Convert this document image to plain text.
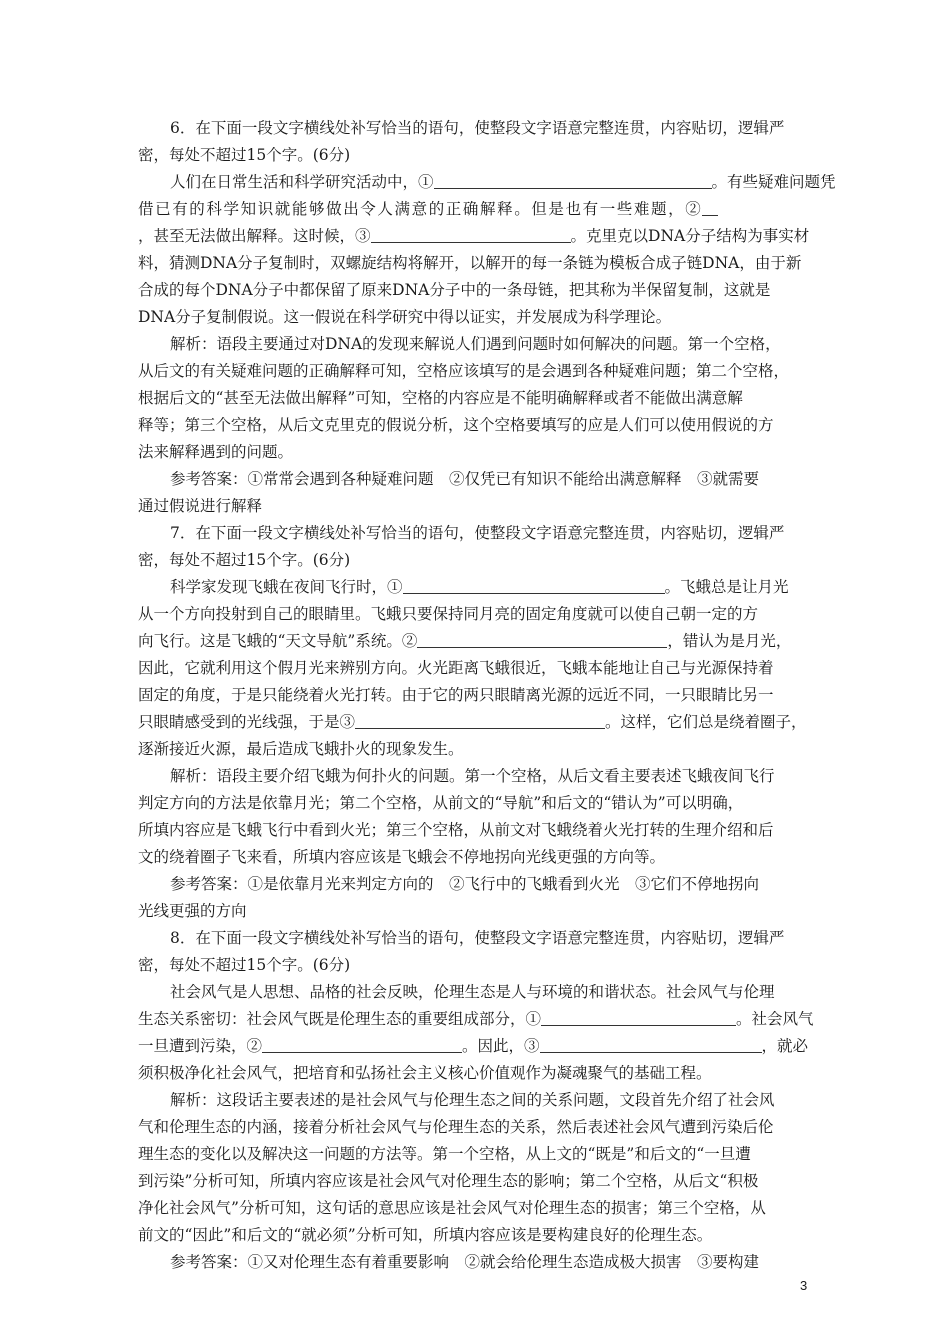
6．在下面一段文字横线处补写恰当的语句，使整段文字语意完整连贯，内容贴切，逻辑严
密，每处不超过15个字。(6分)
人们在日常生活和科学研究活动中，①	。有些疑难问题凭
借已有的科学知识就能够做出令人满意的正确解释。但是也有一些难题，②
，甚至无法做出解释。这时候，③	。克里克以DNA分子结构为事实材
料，猜测DNA分子复制时，双螺旋结构将解开，以解开的每一条链为模板合成子链DNA，由于新
合成的每个DNA分子中都保留了原来DNA分子中的一条母链，把其称为半保留复制，这就是
DNA分子复制假说。这一假说在科学研究中得以证实，并发展成为科学理论。
解析：语段主要通过对DNA的发现来解说人们遇到问题时如何解决的问题。第一个空格，
从后文的有关疑难问题的正确解释可知，空格应该填写的是会遇到各种疑难问题；第二个空格，
根据后文的“甚至无法做出解释”可知，空格的内容应是不能明确解释或者不能做出满意解
释等；第三个空格，从后文克里克的假说分析，这个空格要填写的应是人们可以使用假说的方
法来解释遇到的问题。
参考答案：①常常会遇到各种疑难问题　②仅凭已有知识不能给出满意解释　③就需要
通过假说进行解释
7．在下面一段文字横线处补写恰当的语句，使整段文字语意完整连贯，内容贴切，逻辑严
密，每处不超过15个字。(6分)
科学家发现飞蛾在夜间飞行时，①	。飞蛾总是让月光
从一个方向投射到自己的眼睛里。飞蛾只要保持同月亮的固定角度就可以使自己朝一定的方
向飞行。这是飞蛾的“天文导航”系统。②	，错认为是月光，
因此，它就利用这个假月光来辨别方向。火光距离飞蛾很近，飞蛾本能地让自己与光源保持着
固定的角度，于是只能绕着火光打转。由于它的两只眼睛离光源的远近不同，一只眼睛比另一
只眼睛感受到的光线强，于是③	。这样，它们总是绕着圈子，
逐渐接近火源，最后造成飞蛾扑火的现象发生。
解析：语段主要介绍飞蛾为何扑火的问题。第一个空格，从后文看主要表述飞蛾夜间飞行
判定方向的方法是依靠月光；第二个空格，从前文的“导航”和后文的“错认为”可以明确，
所填内容应是飞蛾飞行中看到火光；第三个空格，从前文对飞蛾绕着火光打转的生理介绍和后
文的绕着圈子飞来看，所填内容应该是飞蛾会不停地拐向光线更强的方向等。
参考答案：①是依靠月光来判定方向的　②飞行中的飞蛾看到火光　③它们不停地拐向
光线更强的方向
8．在下面一段文字横线处补写恰当的语句，使整段文字语意完整连贯，内容贴切，逻辑严
密，每处不超过15个字。(6分)
社会风气是人思想、品格的社会反映，伦理生态是人与环境的和谐状态。社会风气与伦理
生态关系密切：社会风气既是伦理生态的重要组成部分，①	。社会风气
一旦遭到污染，②	。因此，③	，就必
须积极净化社会风气，把培育和弘扬社会主义核心价值观作为凝魂聚气的基础工程。
解析：这段话主要表述的是社会风气与伦理生态之间的关系问题，文段首先介绍了社会风
气和伦理生态的内涵，接着分析社会风气与伦理生态的关系，然后表述社会风气遭到污染后伦
理生态的变化以及解决这一问题的方法等。第一个空格，从上文的“既是”和后文的“一旦遭
到污染”分析可知，所填内容应该是社会风气对伦理生态的影响；第二个空格，从后文“积极
净化社会风气”分析可知，这句话的意思应该是社会风气对伦理生态的损害；第三个空格，从
前文的“因此”和后文的“就必须”分析可知，所填内容应该是要构建良好的伦理生态。
参考答案：①又对伦理生态有着重要影响　②就会给伦理生态造成极大损害　③要构建
3
